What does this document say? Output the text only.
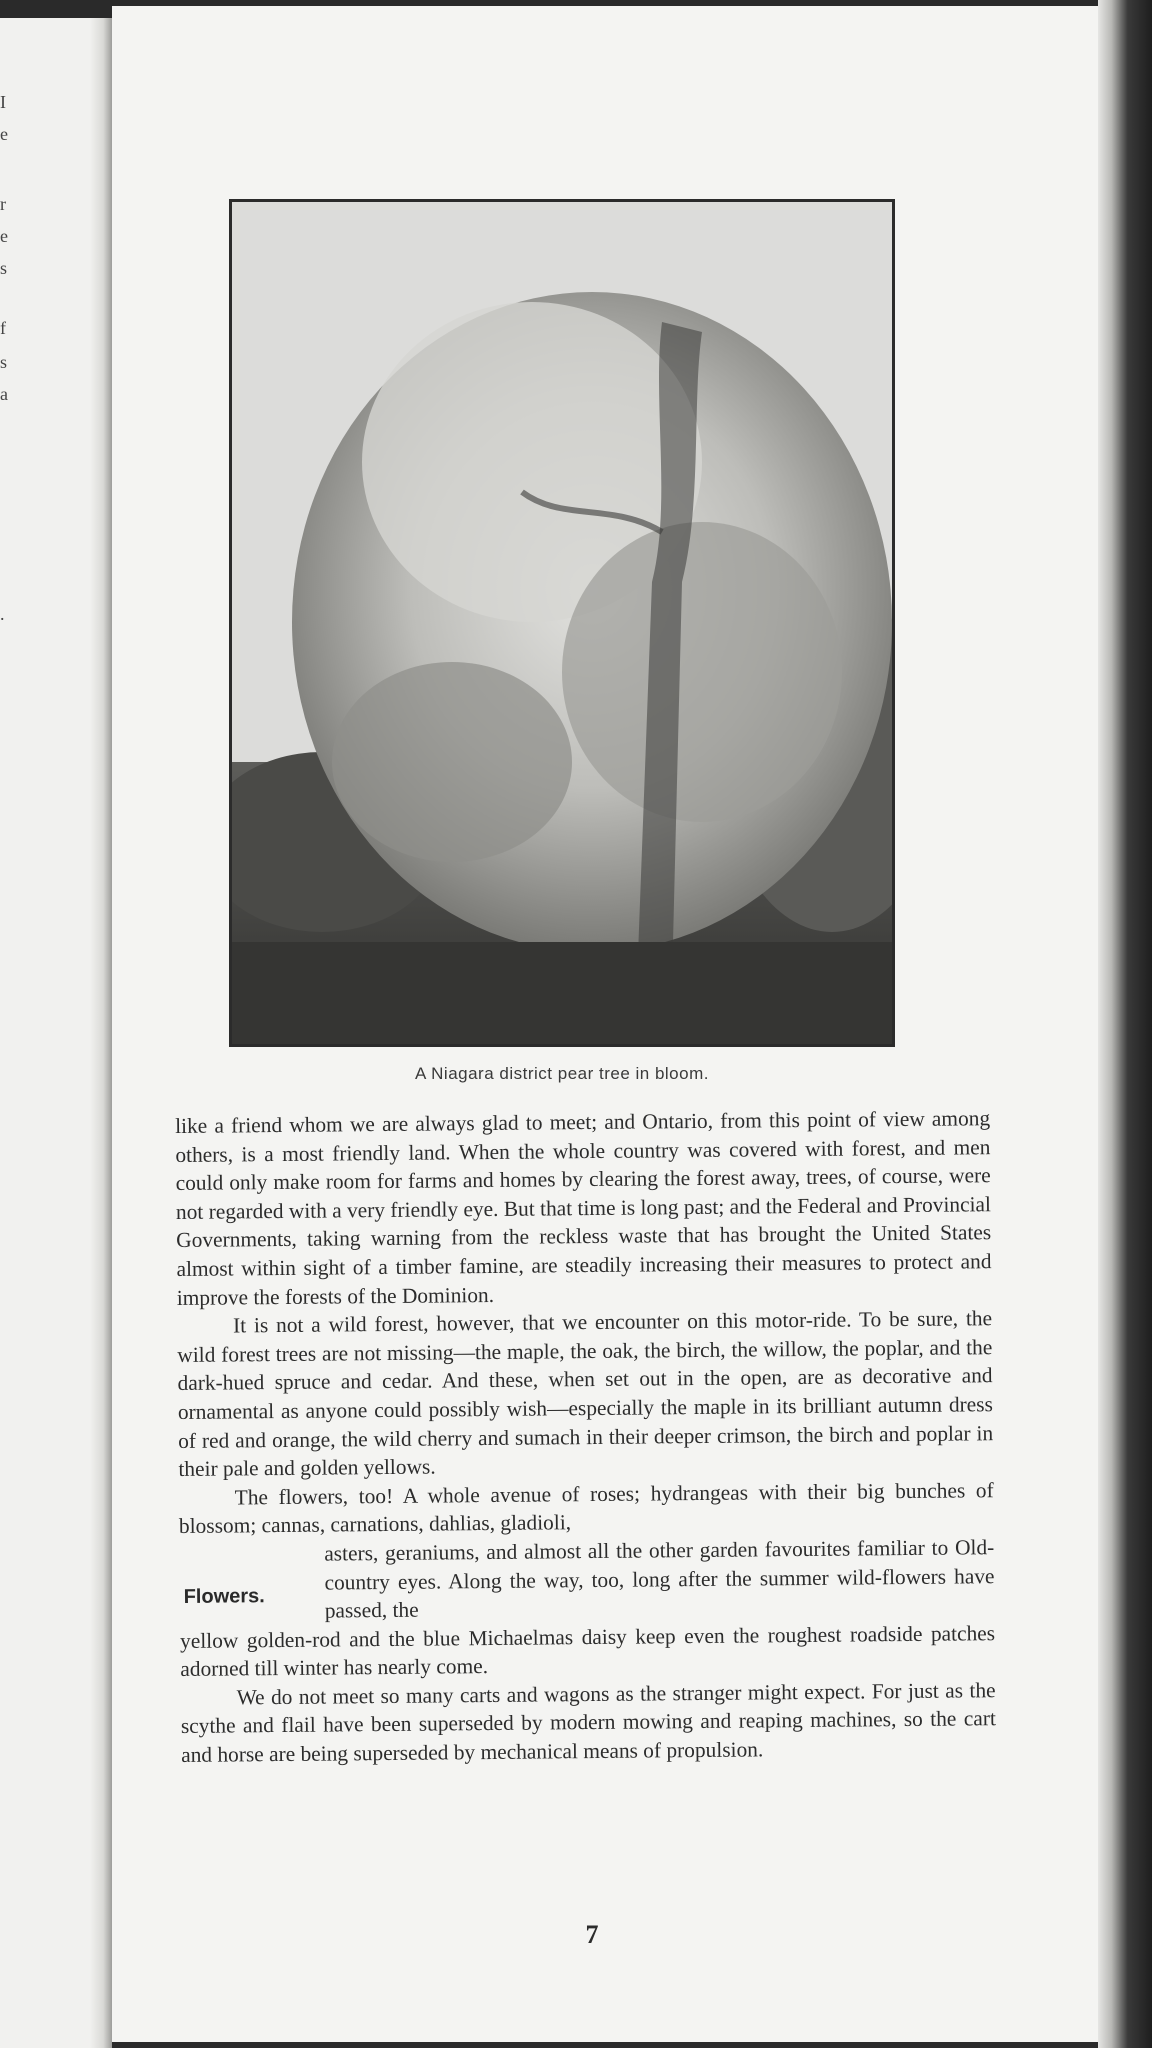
I
e
r
e
s
f
s
a
.
A Niagara district pear tree in bloom.

like a friend whom we are always glad to meet; and Ontario, from this point of view among others, is a most friendly land. When the whole country was covered with forest, and men could only make room for farms and homes by clearing the forest away, trees, of course, were not regarded with a very friendly eye. But that time is long past; and the Federal and Provincial Governments, taking warning from the reckless waste that has brought the United States almost within sight of a timber famine, are steadily increasing their measures to protect and improve the forests of the Dominion.

It is not a wild forest, however, that we encounter on this motor-ride. To be sure, the wild forest trees are not missing—the maple, the oak, the birch, the willow, the poplar, and the dark-hued spruce and cedar. And these, when set out in the open, are as decorative and ornamental as anyone could possibly wish—especially the maple in its brilliant autumn dress of red and orange, the wild cherry and sumach in their deeper crimson, the birch and poplar in their pale and golden yellows.

The flowers, too! A whole avenue of roses; hydrangeas with their big bunches of blossom; cannas, carnations, dahlias, gladioli,

Flowers.

asters, geraniums, and almost all the other garden favourites familiar to Old-country eyes. Along the way, too, long after the summer wild-flowers have passed, the

yellow golden-rod and the blue Michaelmas daisy keep even the roughest roadside patches adorned till winter has nearly come.

We do not meet so many carts and wagons as the stranger might expect. For just as the scythe and flail have been superseded by modern mowing and reaping machines, so the cart and horse are being superseded by mechanical means of propulsion.

7
